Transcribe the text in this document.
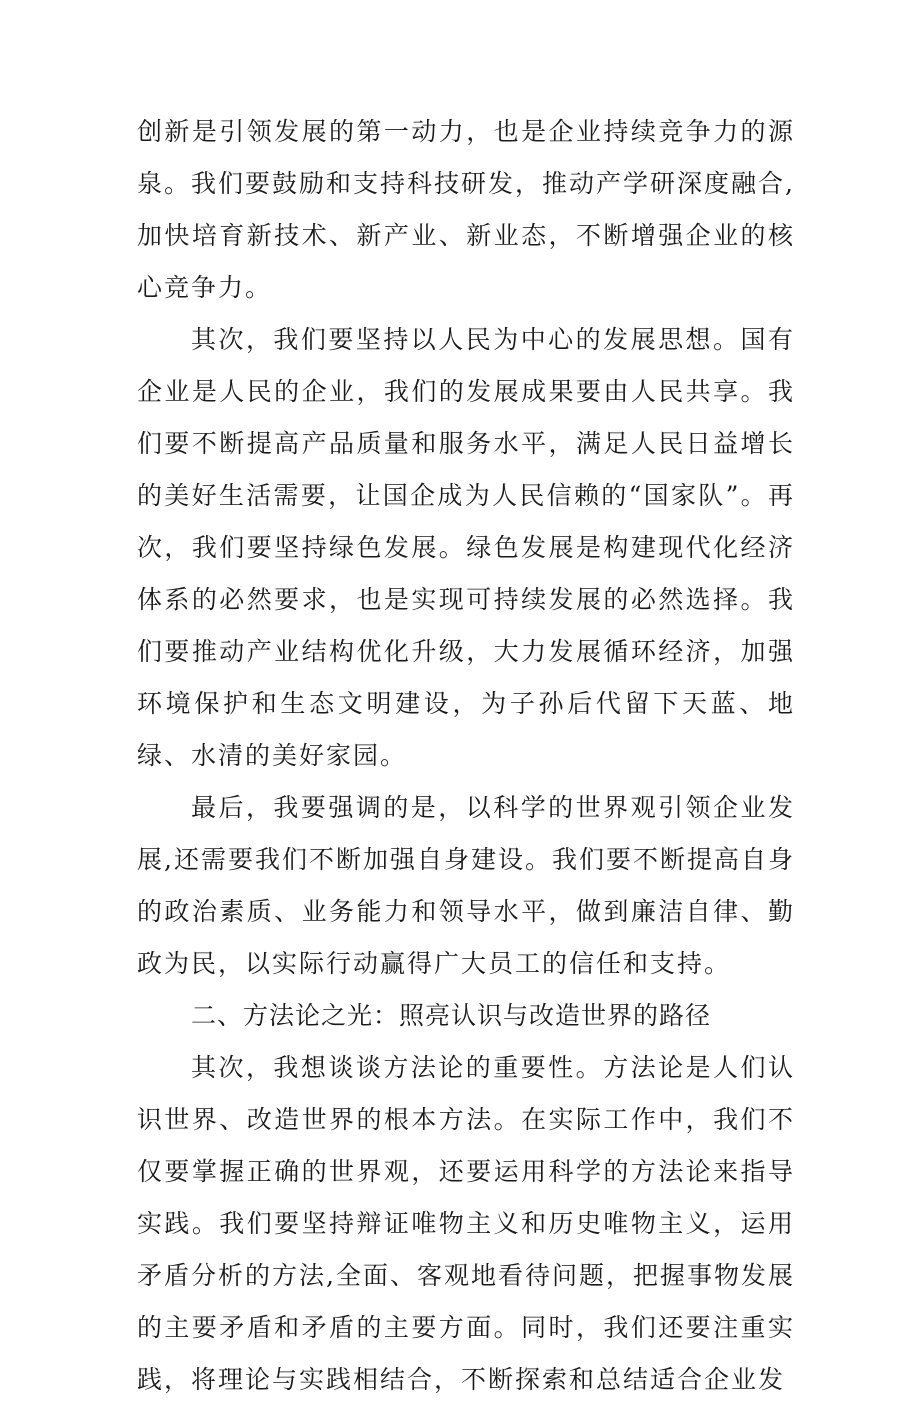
创新是引领发展的第一动力，也是企业持续竞争力的源泉。我们要鼓励和支持科技研发，推动产学研深度融合,加快培育新技术、新产业、新业态，不断增强企业的核心竞争力。

其次，我们要坚持以人民为中心的发展思想。国有企业是人民的企业，我们的发展成果要由人民共享。我们要不断提高产品质量和服务水平，满足人民日益增长的美好生活需要，让国企成为人民信赖的“国家队”。再次，我们要坚持绿色发展。绿色发展是构建现代化经济体系的必然要求，也是实现可持续发展的必然选择。我们要推动产业结构优化升级，大力发展循环经济，加强环境保护和生态文明建设，为子孙后代留下天蓝、地绿、水清的美好家园。

最后，我要强调的是，以科学的世界观引领企业发展,还需要我们不断加强自身建设。我们要不断提高自身的政治素质、业务能力和领导水平，做到廉洁自律、勤政为民，以实际行动赢得广大员工的信任和支持。

二、方法论之光：照亮认识与改造世界的路径

其次，我想谈谈方法论的重要性。方法论是人们认识世界、改造世界的根本方法。在实际工作中，我们不仅要掌握正确的世界观，还要运用科学的方法论来指导实践。我们要坚持辩证唯物主义和历史唯物主义，运用矛盾分析的方法,全面、客观地看待问题，把握事物发展的主要矛盾和矛盾的主要方面。同时，我们还要注重实践，将理论与实践相结合，不断探索和总结适合企业发
